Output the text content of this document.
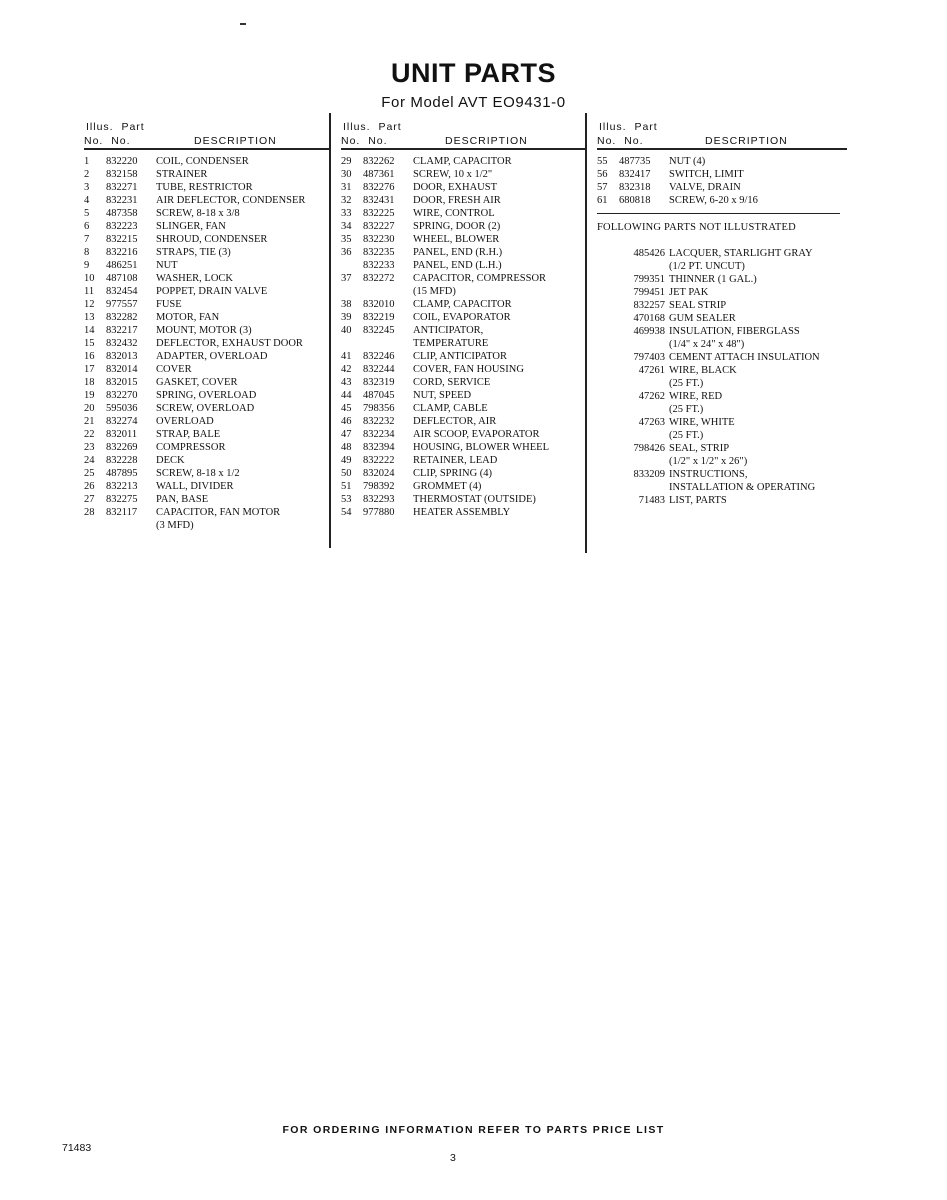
UNIT PARTS
For Model AVT EO9431-0
Illus. Part
No. No.	DESCRIPTION
1	832220	COIL, CONDENSER
2	832158	STRAINER
3	832271	TUBE, RESTRICTOR
4	832231	AIR DEFLECTOR, CONDENSER
5	487358	SCREW, 8-18 x 3/8
6	832223	SLINGER, FAN
7	832215	SHROUD, CONDENSER
8	832216	STRAPS, TIE (3)
9	486251	NUT
10	487108	WASHER, LOCK
11	832454	POPPET, DRAIN VALVE
12	977557	FUSE
13	832282	MOTOR, FAN
14	832217	MOUNT, MOTOR (3)
15	832432	DEFLECTOR, EXHAUST DOOR
16	832013	ADAPTER, OVERLOAD
17	832014	COVER
18	832015	GASKET, COVER
19	832270	SPRING, OVERLOAD
20	595036	SCREW, OVERLOAD
21	832274	OVERLOAD
22	832011	STRAP, BALE
23	832269	COMPRESSOR
24	832228	DECK
25	487895	SCREW, 8-18 x 1/2
26	832213	WALL, DIVIDER
27	832275	PAN, BASE
28	832117	CAPACITOR, FAN MOTOR
(3 MFD)
Illus. Part
No. No.	DESCRIPTION
29	832262	CLAMP, CAPACITOR
30	487361	SCREW, 10 x 1/2"
31	832276	DOOR, EXHAUST
32	832431	DOOR, FRESH AIR
33	832225	WIRE, CONTROL
34	832227	SPRING, DOOR (2)
35	832230	WHEEL, BLOWER
36	832235	PANEL, END (R.H.)
832233	PANEL, END (L.H.)
37	832272	CAPACITOR, COMPRESSOR
(15 MFD)
38	832010	CLAMP, CAPACITOR
39	832219	COIL, EVAPORATOR
40	832245	ANTICIPATOR,
TEMPERATURE
41	832246	CLIP, ANTICIPATOR
42	832244	COVER, FAN HOUSING
43	832319	CORD, SERVICE
44	487045	NUT, SPEED
45	798356	CLAMP, CABLE
46	832232	DEFLECTOR, AIR
47	832234	AIR SCOOP, EVAPORATOR
48	832394	HOUSING, BLOWER WHEEL
49	832222	RETAINER, LEAD
50	832024	CLIP, SPRING (4)
51	798392	GROMMET (4)
53	832293	THERMOSTAT (OUTSIDE)
54	977880	HEATER ASSEMBLY
Illus. Part
No. No.	DESCRIPTION
55	487735	NUT (4)
56	832417	SWITCH, LIMIT
57	832318	VALVE, DRAIN
61	680818	SCREW, 6-20 x 9/16
FOLLOWING PARTS NOT ILLUSTRATED
485426 LACQUER, STARLIGHT GRAY
(1/2 PT. UNCUT)
799351 THINNER (1 GAL.)
799451 JET PAK
832257 SEAL STRIP
470168 GUM SEALER
469938 INSULATION, FIBERGLASS
(1/4" x 24" x 48")
797403 CEMENT ATTACH INSULATION
47261 WIRE, BLACK
(25 FT.)
47262 WIRE, RED
(25 FT.)
47263 WIRE, WHITE
(25 FT.)
798426 SEAL, STRIP
(1/2" x 1/2" x 26")
833209 INSTRUCTIONS,
INSTALLATION & OPERATING
71483 LIST, PARTS
FOR ORDERING INFORMATION REFER TO PARTS PRICE LIST
71483
3
